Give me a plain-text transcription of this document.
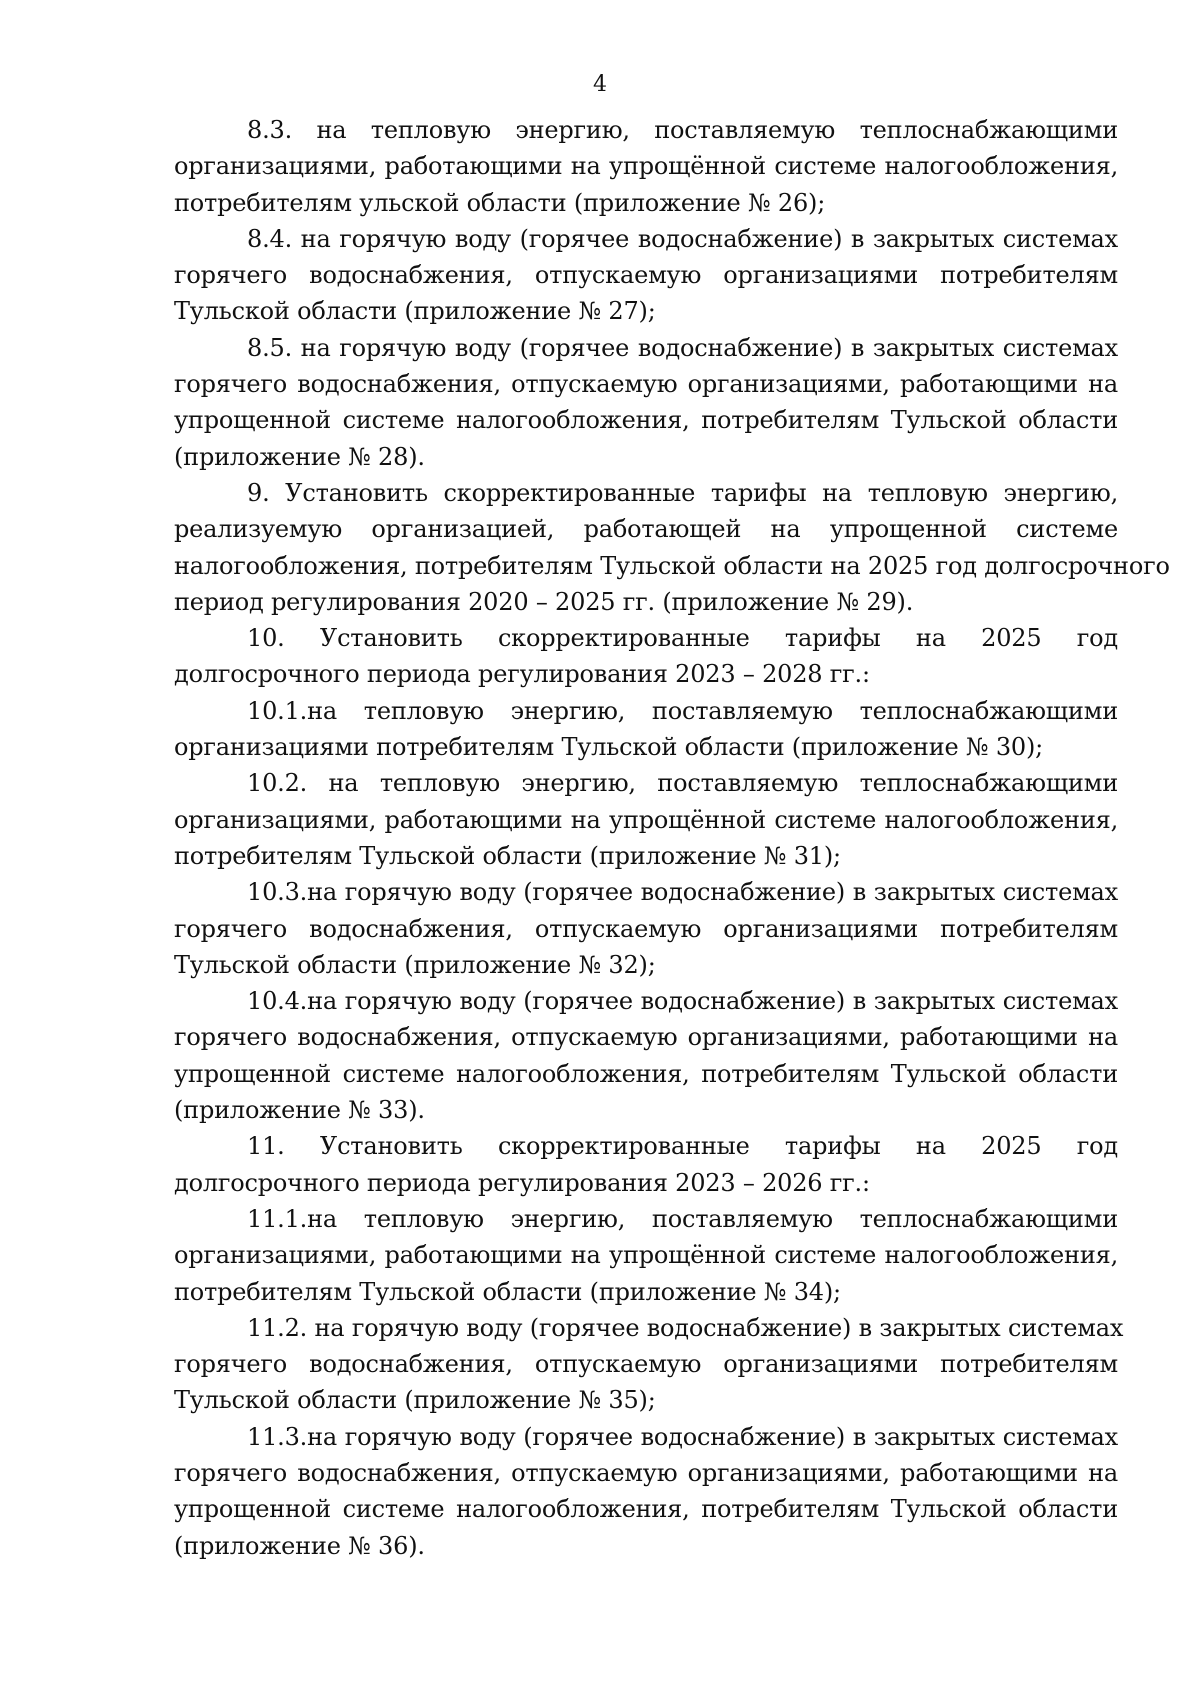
4
8.3. на тепловую энергию, поставляемую теплоснабжающими
организациями, работающими на упрощённой системе налогообложения,
потребителям ульской области (приложение № 26);
8.4. на горячую воду (горячее водоснабжение) в закрытых системах
горячего водоснабжения, отпускаемую организациями потребителям
Тульской области (приложение № 27);
8.5. на горячую воду (горячее водоснабжение) в закрытых системах
горячего водоснабжения, отпускаемую организациями, работающими на
упрощенной системе налогообложения, потребителям Тульской области
(приложение № 28).
9. Установить скорректированные тарифы на тепловую энергию,
реализуемую организацией, работающей на упрощенной системе
налогообложения, потребителям Тульской области на 2025 год долгосрочного
период регулирования 2020 – 2025 гг. (приложение № 29).
10. Установить скорректированные тарифы на 2025 год
долгосрочного периода регулирования 2023 – 2028 гг.:
10.1.на тепловую энергию, поставляемую теплоснабжающими
организациями потребителям Тульской области (приложение № 30);
10.2. на тепловую энергию, поставляемую теплоснабжающими
организациями, работающими на упрощённой системе налогообложения,
потребителям Тульской области (приложение № 31);
10.3.на горячую воду (горячее водоснабжение) в закрытых системах
горячего водоснабжения, отпускаемую организациями потребителям
Тульской области (приложение № 32);
10.4.на горячую воду (горячее водоснабжение) в закрытых системах
горячего водоснабжения, отпускаемую организациями, работающими на
упрощенной системе налогообложения, потребителям Тульской области
(приложение № 33).
11. Установить скорректированные тарифы на 2025 год
долгосрочного периода регулирования 2023 – 2026 гг.:
11.1.на тепловую энергию, поставляемую теплоснабжающими
организациями, работающими на упрощённой системе налогообложения,
потребителям Тульской области (приложение № 34);
11.2. на горячую воду (горячее водоснабжение) в закрытых системах
горячего водоснабжения, отпускаемую организациями потребителям
Тульской области (приложение № 35);
11.3.на горячую воду (горячее водоснабжение) в закрытых системах
горячего водоснабжения, отпускаемую организациями, работающими на
упрощенной системе налогообложения, потребителям Тульской области
(приложение № 36).
